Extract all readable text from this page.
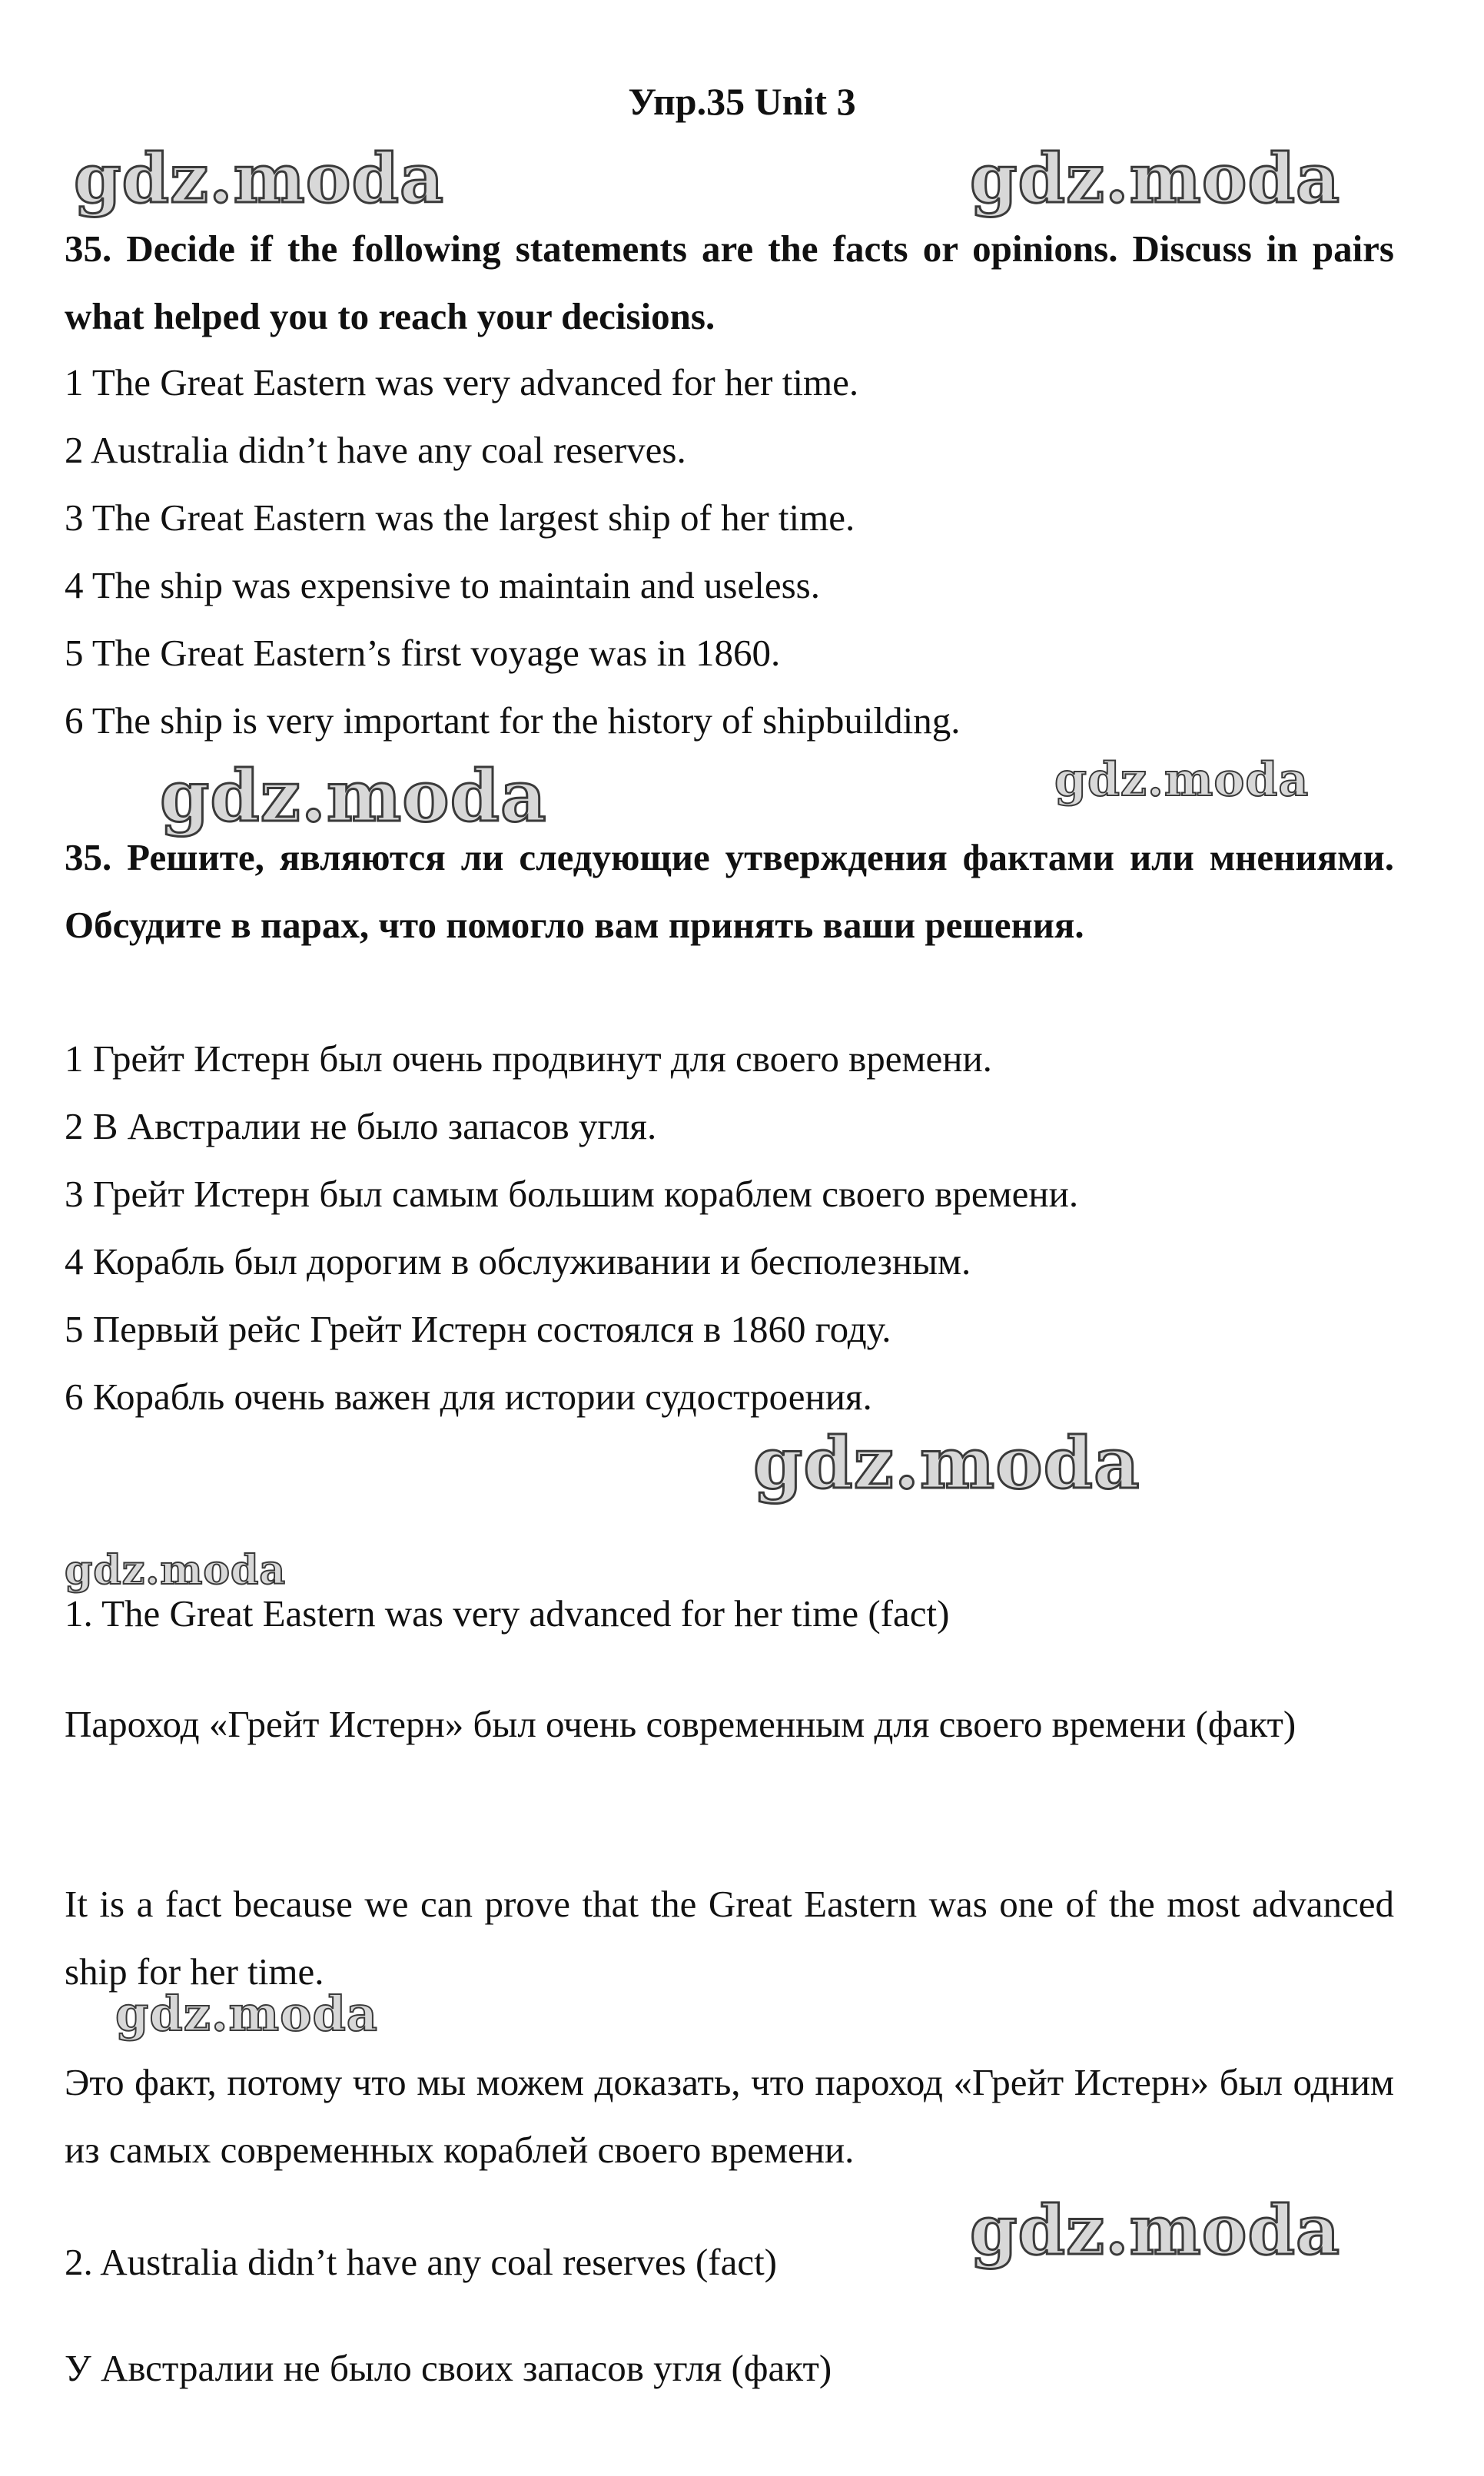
Упр.35 Unit 3
gdz.moda	gdz.moda
gdz.moda	gdz.moda
gdz.moda
gdz.moda
gdz.moda
gdz.moda
35. Decide if the following statements are the facts or opinions. Discuss in pairs what helped you to reach your decisions.
1 The Great Eastern was very advanced for her time.
2 Australia didn’t have any coal reserves.
3 The Great Eastern was the largest ship of her time.
4 The ship was expensive to maintain and useless.
5 The Great Eastern’s first voyage was in 1860.
6 The ship is very important for the history of shipbuilding.
35. Решите, являются ли следующие утверждения фактами или мнениями. Обсудите в парах, что помогло вам принять ваши решения.
1 Грейт Истерн был очень продвинут для своего времени.
2 В Австралии не было запасов угля.
3 Грейт Истерн был самым большим кораблем своего времени.
4 Корабль был дорогим в обслуживании и бесполезным.
5 Первый рейс Грейт Истерн состоялся в 1860 году.
6 Корабль очень важен для истории судостроения.
1. The Great Eastern was very advanced for her time (fact)
Пароход «Грейт Истерн» был очень современным для своего времени (факт)
It is a fact because we can prove that the Great Eastern was one of the most advanced ship for her time.
Это факт, потому что мы можем доказать, что пароход «Грейт Истерн» был одним из самых современных кораблей своего времени.
2. Australia didn’t have any coal reserves (fact)
У Австралии не было своих запасов угля (факт)
